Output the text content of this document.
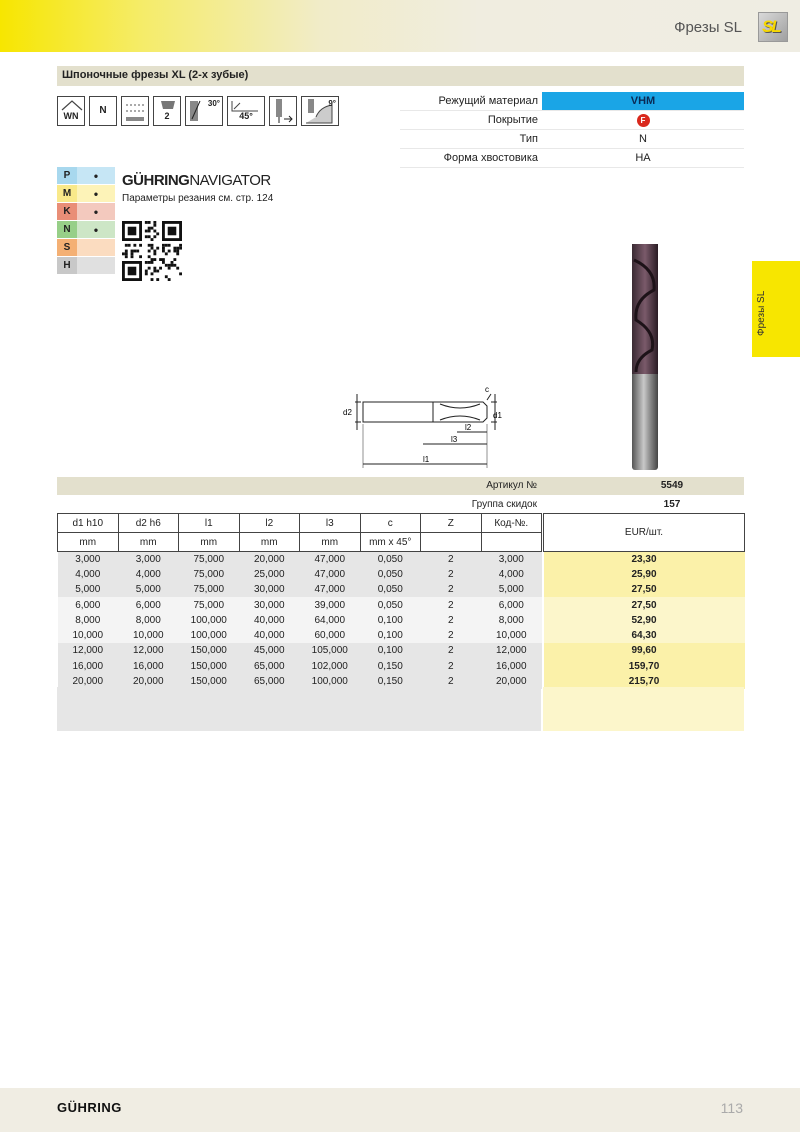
Фрезы SL SL
Шпоночные фрезы XL (2-х зубые)
WN	N	2
30°
45°
9°	Режущий материал	VHM
Покрытие	F
Тип	N
Форма хвостовика	HA
P	•
M	•
K	•
N	•
S
H
GÜHRINGNAVIGATOR
Параметры резания см. стр. 124
Фрезы SL
d2	d1
c
l2
l3
l1
Артикул №	5549
Группа скидок	157
d1 h10	d2 h6	l1	l2	l3	c	Z	Код-№.		EUR/шт.
mm	mm	mm	mm	mm	mm x 45°				
3,000	3,000	75,000	20,000	47,000	0,050	2	3,000		23,30
4,000	4,000	75,000	25,000	47,000	0,050	2	4,000		25,90
5,000	5,000	75,000	30,000	47,000	0,050	2	5,000		27,50
6,000	6,000	75,000	30,000	39,000	0,050	2	6,000		27,50
8,000	8,000	100,000	40,000	64,000	0,100	2	8,000		52,90
10,000	10,000	100,000	40,000	60,000	0,100	2	10,000		64,30
12,000	12,000	150,000	45,000	105,000	0,100	2	12,000		99,60
16,000	16,000	150,000	65,000	102,000	0,150	2	16,000		159,70
20,000	20,000	150,000	65,000	100,000	0,150	2	20,000		215,70
GÜHRING	113
